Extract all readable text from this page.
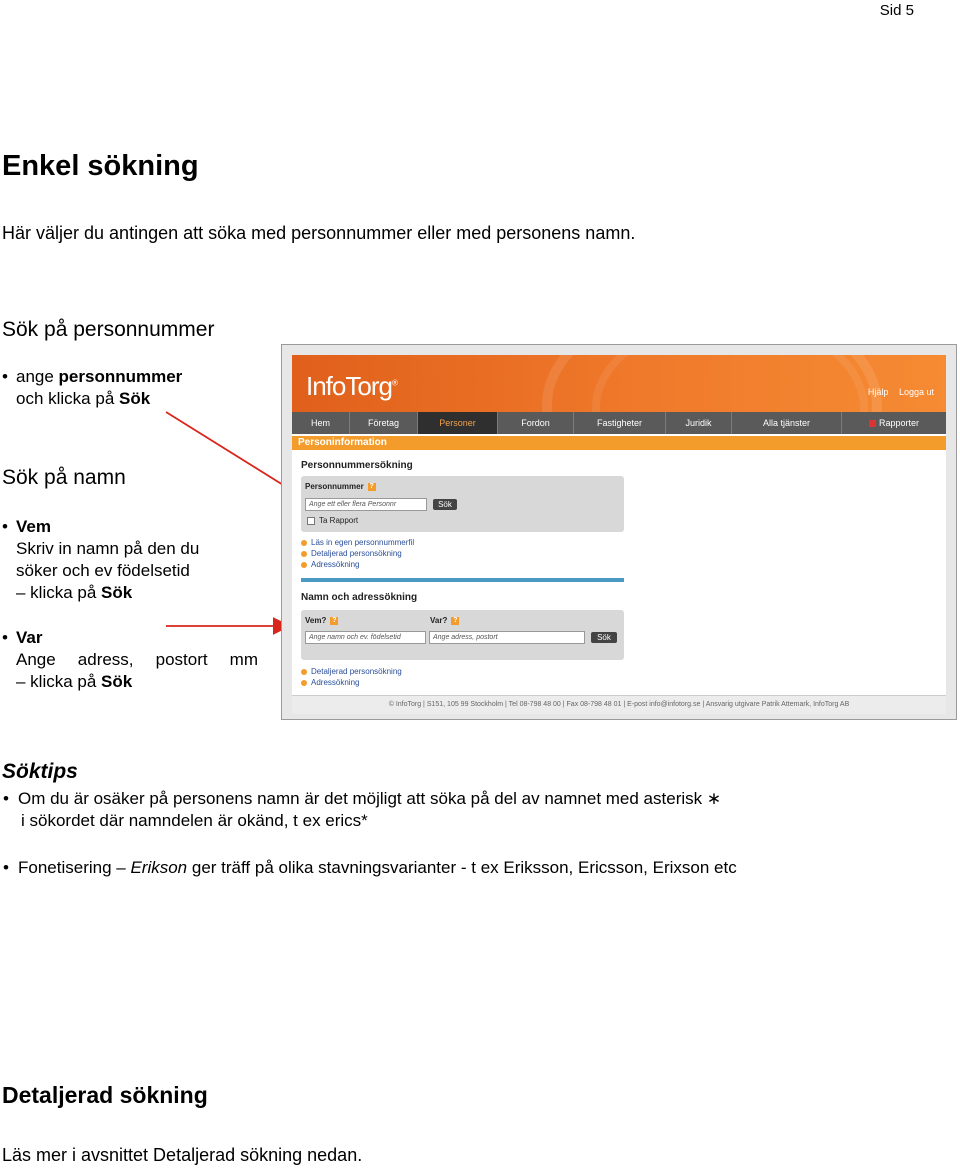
Sid 5
Enkel sökning
Här väljer du antingen att söka med personnummer eller med personens namn.
Sök på personnummer
• ange personnummer
och klicka på Sök
Sök på namn
• Vem
Skriv in namn på den du
söker och ev födelsetid
– klicka på Sök
• Var

Ange adress, postort mm
– klicka på Sök
InfoTorg®
Hjälp Logga ut
Hem	Företag	Personer	Fordon	Fastigheter	Juridik	Alla tjänster	Rapporter
Personinformation
Personnummersökning
Personnummer ?
Ange ett eller flera Personnr	Sök
Ta Rapport
Läs in egen personnummerfil
Detaljerad personsökning
Adressökning
Namn och adressökning
Vem? ?	Var? ?
Ange namn och ev. födelsetid	Ange adress, postort	Sök
Detaljerad personsökning
Adressökning
© InfoTorg | S151, 105 99 Stockholm | Tel 08-798 48 00 | Fax 08-798 48 01 | E-post info@infotorg.se | Ansvarig utgivare Patrik Attemark, InfoTorg AB
Söktips
• Om du är osäker på personens namn är det möjligt att söka på del av namnet med asterisk ∗
i sökordet där namndelen är okänd, t ex erics*
• Fonetisering – Erikson ger träff på olika stavningsvarianter - t ex Eriksson, Ericsson, Erixson etc
Detaljerad sökning
Läs mer i avsnittet Detaljerad sökning nedan.
